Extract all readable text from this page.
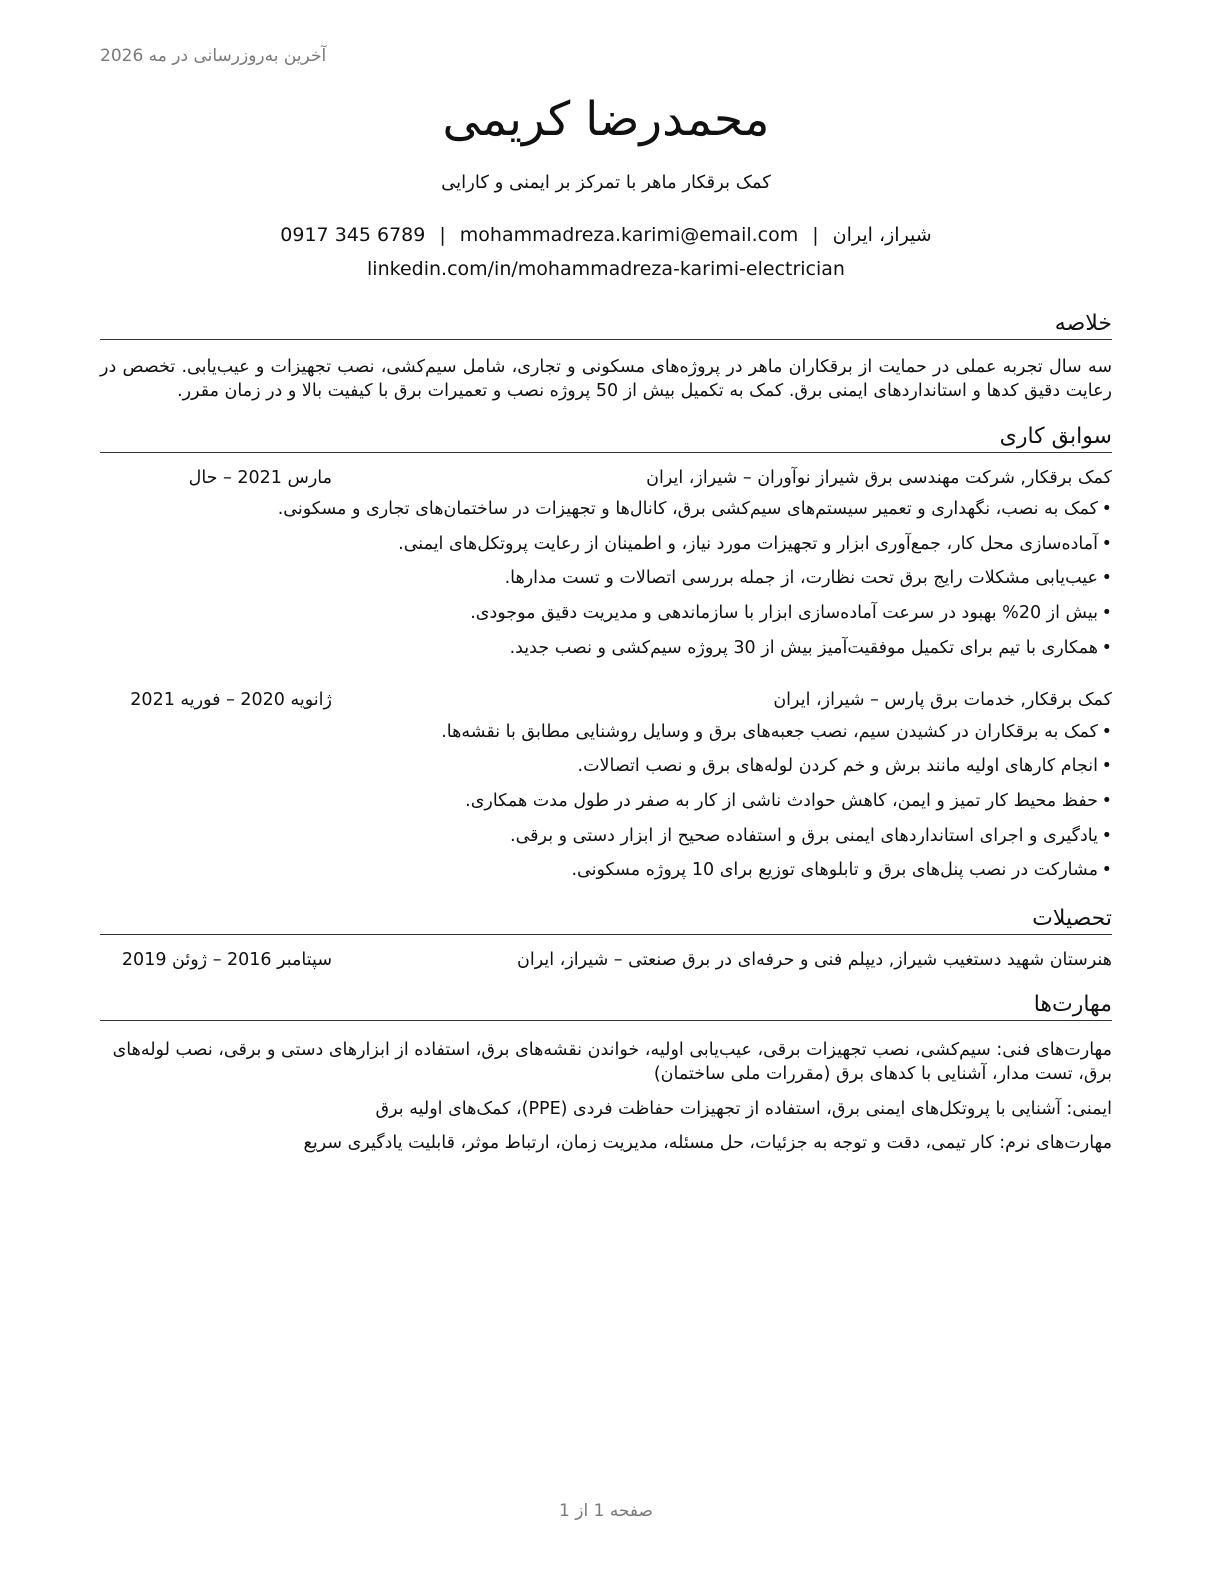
آخرین به‌روزرسانی در مه 2026
محمدرضا کریمی
کمک برقکار ماهر با تمرکز بر ایمنی و کارایی
0917 345 6789 | mohammadreza.karimi@email.com | شیراز، ایران
linkedin.com/in/mohammadreza-karimi-electrician
خلاصه
سه سال تجربه عملی در حمایت از برقکاران ماهر در پروژه‌های مسکونی و تجاری، شامل سیم‌کشی، نصب تجهیزات و عیب‌یابی. تخصص در رعایت دقیق کدها و استانداردهای ایمنی برق. کمک به تکمیل بیش از 50 پروژه نصب و تعمیرات برق با کیفیت بالا و در زمان مقرر.
سوابق کاری
کمک برقکار, شرکت مهندسی برق شیراز نوآوران – شیراز، ایران
مارس 2021 – حال
•کمک به نصب، نگهداری و تعمیر سیستم‌های سیم‌کشی برق، کانال‌ها و تجهیزات در ساختمان‌های تجاری و مسکونی.
•آماده‌سازی محل کار، جمع‌آوری ابزار و تجهیزات مورد نیاز، و اطمینان از رعایت پروتکل‌های ایمنی.
•عیب‌یابی مشکلات رایج برق تحت نظارت، از جمله بررسی اتصالات و تست مدارها.
•بیش از 20% بهبود در سرعت آماده‌سازی ابزار با سازماندهی و مدیریت دقیق موجودی.
•همکاری با تیم برای تکمیل موفقیت‌آمیز بیش از 30 پروژه سیم‌کشی و نصب جدید.
کمک برقکار, خدمات برق پارس – شیراز، ایران
ژانویه 2020 – فوریه 2021
•کمک به برقکاران در کشیدن سیم، نصب جعبه‌های برق و وسایل روشنایی مطابق با نقشه‌ها.
•انجام کارهای اولیه مانند برش و خم کردن لوله‌های برق و نصب اتصالات.
•حفظ محیط کار تمیز و ایمن، کاهش حوادث ناشی از کار به صفر در طول مدت همکاری.
•یادگیری و اجرای استانداردهای ایمنی برق و استفاده صحیح از ابزار دستی و برقی.
•مشارکت در نصب پنل‌های برق و تابلوهای توزیع برای 10 پروژه مسکونی.
تحصیلات
هنرستان شهید دستغیب شیراز, دیپلم فنی و حرفه‌ای در برق صنعتی – شیراز، ایران
سپتامبر 2016 – ژوئن 2019
مهارت‌ها
مهارت‌های فنی: سیم‌کشی، نصب تجهیزات برقی، عیب‌یابی اولیه، خواندن نقشه‌های برق، استفاده از ابزارهای دستی و برقی، نصب لوله‌های برق، تست مدار، آشنایی با کدهای برق (مقررات ملی ساختمان)
ایمنی: آشنایی با پروتکل‌های ایمنی برق، استفاده از تجهیزات حفاظت فردی (PPE)، کمک‌های اولیه برق
مهارت‌های نرم: کار تیمی، دقت و توجه به جزئیات، حل مسئله، مدیریت زمان، ارتباط موثر، قابلیت یادگیری سریع
صفحه 1 از 1
